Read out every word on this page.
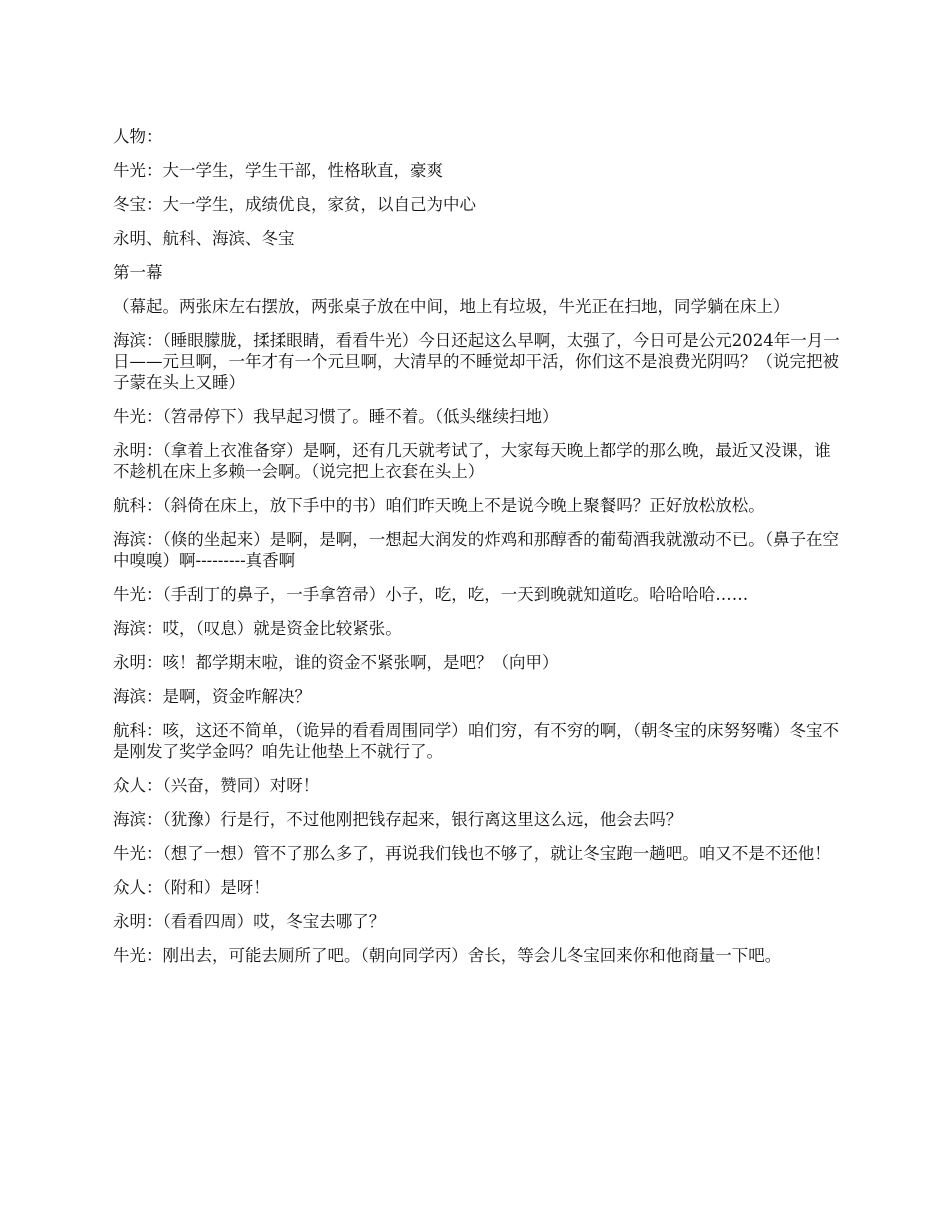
人物：

牛光：大一学生，学生干部，性格耿直，豪爽

冬宝：大一学生，成绩优良，家贫，以自己为中心

永明、航科、海滨、冬宝

第一幕

（幕起。两张床左右摆放，两张桌子放在中间，地上有垃圾，牛光正在扫地，同学躺在床上）

海滨：（睡眼朦胧，揉揉眼睛，看看牛光）今日还起这么早啊，太强了，今日可是公元2024年一月一日——元旦啊，一年才有一个元旦啊，大清早的不睡觉却干活，你们这不是浪费光阴吗？（说完把被子蒙在头上又睡）

牛光：（笤帚停下）我早起习惯了。睡不着。（低头继续扫地）

永明：（拿着上衣准备穿）是啊，还有几天就考试了，大家每天晚上都学的那么晚，最近又没课，谁不趁机在床上多赖一会啊。（说完把上衣套在头上）

航科：（斜倚在床上，放下手中的书）咱们昨天晚上不是说今晚上聚餐吗？正好放松放松。

海滨：（倏的坐起来）是啊，是啊，一想起大润发的炸鸡和那醇香的葡萄酒我就激动不已。（鼻子在空中嗅嗅）啊---------真香啊

牛光：（手刮丁的鼻子，一手拿笤帚）小子，吃，吃，一天到晚就知道吃。哈哈哈哈……

海滨：哎，（叹息）就是资金比较紧张。

永明：咳！都学期末啦，谁的资金不紧张啊，是吧？（向甲）

海滨：是啊，资金咋解决？

航科：咳，这还不简单，（诡异的看看周围同学）咱们穷，有不穷的啊，（朝冬宝的床努努嘴）冬宝不是刚发了奖学金吗？咱先让他垫上不就行了。

众人：（兴奋，赞同）对呀！

海滨：（犹豫）行是行，不过他刚把钱存起来，银行离这里这么远，他会去吗？

牛光：（想了一想）管不了那么多了，再说我们钱也不够了，就让冬宝跑一趟吧。咱又不是不还他！

众人：（附和）是呀！

永明：（看看四周）哎，冬宝去哪了？

牛光：刚出去，可能去厕所了吧。（朝向同学丙）舍长，等会儿冬宝回来你和他商量一下吧。
